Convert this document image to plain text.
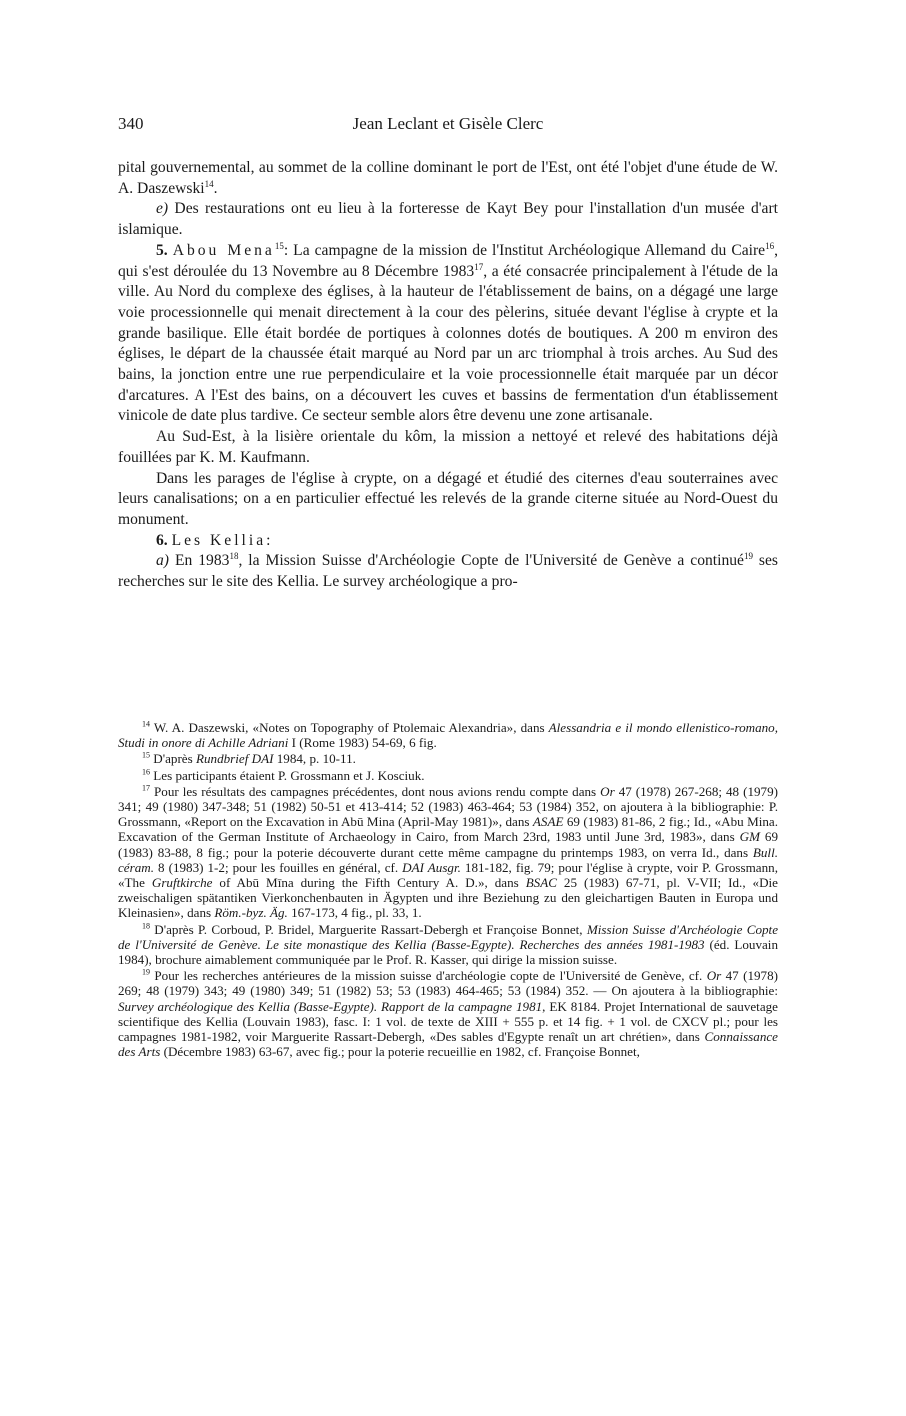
340	Jean Leclant et Gisèle Clerc

pital gouvernemental, au sommet de la colline dominant le port de l'Est, ont été l'objet d'une étude de W. A. Daszewski$^{14}$.

e) Des restaurations ont eu lieu à la forteresse de Kayt Bey pour l'installation d'un musée d'art islamique.

5. Abou Mena$^{15}$: La campagne de la mission de l'Institut Archéologique Allemand du Caire$^{16}$, qui s'est déroulée du 13 Novembre au 8 Décembre 1983$^{17}$, a été consacrée principalement à l'étude de la ville. Au Nord du complexe des églises, à la hauteur de l'établissement de bains, on a dégagé une large voie processionnelle qui menait directement à la cour des pèlerins, située devant l'église à crypte et la grande basilique. Elle était bordée de portiques à colonnes dotés de boutiques. A 200 m environ des églises, le départ de la chaussée était marqué au Nord par un arc triomphal à trois arches. Au Sud des bains, la jonction entre une rue perpendiculaire et la voie processionnelle était marquée par un décor d'arcatures. A l'Est des bains, on a découvert les cuves et bassins de fermentation d'un établissement vinicole de date plus tardive. Ce secteur semble alors être devenu une zone artisanale.

Au Sud-Est, à la lisière orientale du kôm, la mission a nettoyé et relevé des habitations déjà fouillées par K. M. Kaufmann.

Dans les parages de l'église à crypte, on a dégagé et étudié des citernes d'eau souterraines avec leurs canalisations; on a en particulier effectué les relevés de la grande citerne située au Nord-Ouest du monument.

6. Les Kellia:

a) En 1983$^{18}$, la Mission Suisse d'Archéologie Copte de l'Université de Genève a continué$^{19}$ ses recherches sur le site des Kellia. Le survey archéologique a pro-

$^{14}$ W. A. Daszewski, «Notes on Topography of Ptolemaic Alexandria», dans Alessandria e il mondo ellenistico-romano, Studi in onore di Achille Adriani I (Rome 1983) 54-69, 6 fig.

$^{15}$ D'après Rundbrief DAI 1984, p. 10-11.

$^{16}$ Les participants étaient P. Grossmann et J. Kosciuk.

$^{17}$ Pour les résultats des campagnes précédentes, dont nous avions rendu compte dans Or 47 (1978) 267-268; 48 (1979) 341; 49 (1980) 347-348; 51 (1982) 50-51 et 413-414; 52 (1983) 463-464; 53 (1984) 352, on ajoutera à la bibliographie: P. Grossmann, «Report on the Excavation in Abū Mina (April-May 1981)», dans ASAE 69 (1983) 81-86, 2 fig.; Id., «Abu Mina. Excavation of the German Institute of Archaeology in Cairo, from March 23rd, 1983 until June 3rd, 1983», dans GM 69 (1983) 83-88, 8 fig.; pour la poterie découverte durant cette même campagne du printemps 1983, on verra Id., dans Bull. céram. 8 (1983) 1-2; pour les fouilles en général, cf. DAI Ausgr. 181-182, fig. 79; pour l'église à crypte, voir P. Grossmann, «The Gruftkirche of Abū Mīna during the Fifth Century A. D.», dans BSAC 25 (1983) 67-71, pl. V-VII; Id., «Die zweischaligen spätantiken Vierkonchenbauten in Ägypten und ihre Beziehung zu den gleichartigen Bauten in Europa und Kleinasien», dans Röm.-byz. Äg. 167-173, 4 fig., pl. 33, 1.

$^{18}$ D'après P. Corboud, P. Bridel, Marguerite Rassart-Debergh et Françoise Bonnet, Mission Suisse d'Archéologie Copte de l'Université de Genève. Le site monastique des Kellia (Basse-Egypte). Recherches des années 1981-1983 (éd. Louvain 1984), brochure aimablement communiquée par le Prof. R. Kasser, qui dirige la mission suisse.

$^{19}$ Pour les recherches antérieures de la mission suisse d'archéologie copte de l'Université de Genève, cf. Or 47 (1978) 269; 48 (1979) 343; 49 (1980) 349; 51 (1982) 53; 53 (1983) 464-465; 53 (1984) 352. — On ajoutera à la bibliographie: Survey archéologique des Kellia (Basse-Egypte). Rapport de la campagne 1981, EK 8184. Projet International de sauvetage scientifique des Kellia (Louvain 1983), fasc. I: 1 vol. de texte de XIII + 555 p. et 14 fig. + 1 vol. de CXCV pl.; pour les campagnes 1981-1982, voir Marguerite Rassart-Debergh, «Des sables d'Egypte renaît un art chrétien», dans Connaissance des Arts (Décembre 1983) 63-67, avec fig.; pour la poterie recueillie en 1982, cf. Françoise Bonnet,
